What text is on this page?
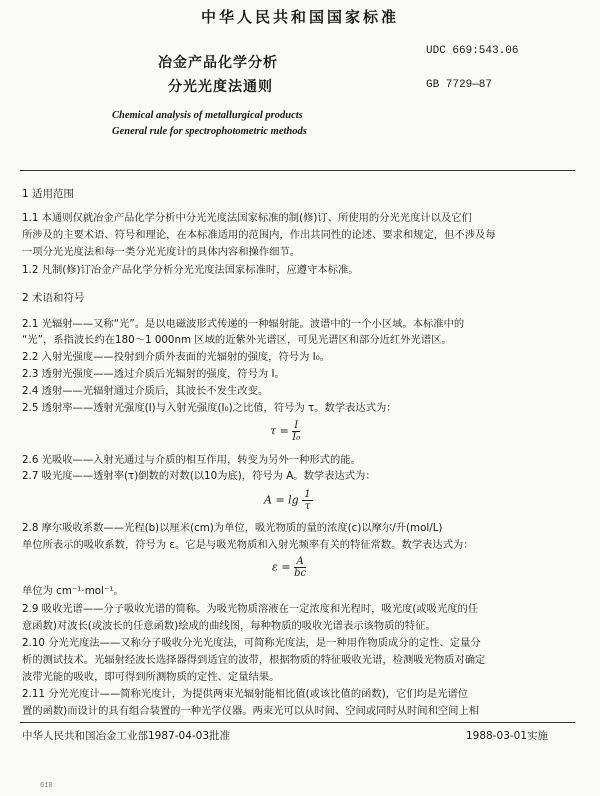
中华人民共和国国家标准
冶金产品化学分析
分光光度法通则
UDC 669:543.06
GB 7729—87
Chemical analysis of metallurgical products
General rule for spectrophotometric methods
1 适用范围
1.1 本通则仅就冶金产品化学分析中分光光度法国家标准的制(修)订、所使用的分光光度计以及它们
所涉及的主要术语、符号和理论，在本标准适用的范围内，作出共同性的论述、要求和规定，但不涉及每
一项分光光度法和每一类分光光度计的具体内容和操作细节。
1.2 凡制(修)订冶金产品化学分析分光光度法国家标准时，应遵守本标准。
2 术语和符号
2.1 光辐射——又称“光”。是以电磁波形式传递的一种辐射能。波谱中的一个小区域。本标准中的
“光”，系指波长约在180～1 000nm 区域的近紫外光谱区，可见光谱区和部分近红外光谱区。
2.2 入射光强度——投射到介质外表面的光辐射的强度，符号为 I₀。
2.3 透射光强度——透过介质后光辐射的强度，符号为 I。
2.4 透射——光辐射通过介质后，其波长不发生改变。
2.5 透射率——透射光强度(I)与入射光强度(I₀)之比值，符号为 τ。数学表达式为：
$\tau = \frac{I}{\text{I₀}}$
2.6 光吸收——入射光通过与介质的相互作用，转变为另外一种形式的能。
2.7 吸光度——透射率(τ)倒数的对数(以10为底)，符号为 A。数学表达式为：
$A = \lg \frac{1}{\tau}$
2.8 摩尔吸收系数——光程(b)以厘米(cm)为单位，吸光物质的量的浓度(c)以摩尔/升(mol/L)
单位所表示的吸收系数，符号为 ε。它是与吸光物质和入射光频率有关的特征常数。数学表达式为：
$\varepsilon = \frac{A}{bc}$
单位为 cm⁻¹·mol⁻¹。
2.9 吸收光谱——分子吸收光谱的简称。为吸光物质溶液在一定浓度和光程时，吸光度(或吸光度的任
意函数)对波长(或波长的任意函数)绘成的曲线图，每种物质的吸收光谱表示该物质的特征。
2.10 分光光度法——又称分子吸收分光光度法，可简称光度法，是一种用作物质成分的定性、定量分
析的测试技术。光辐射经波长选择器得到适宜的波带，根据物质的特征吸收光谱，检测吸光物质对确定
波带光能的吸收，即可得到所测物质的定性、定量结果。
2.11 分光光度计——简称光度计，为提供两束光辐射能相比值(或该比值的函数)，它们均是光谱位
置的函数)而设计的具有组合装置的一种光学仪器。两束光可以从时间、空间或同时从时间和空间上相
中华人民共和国冶金工业部1987-04-03批准	1988-03-01实施
610
